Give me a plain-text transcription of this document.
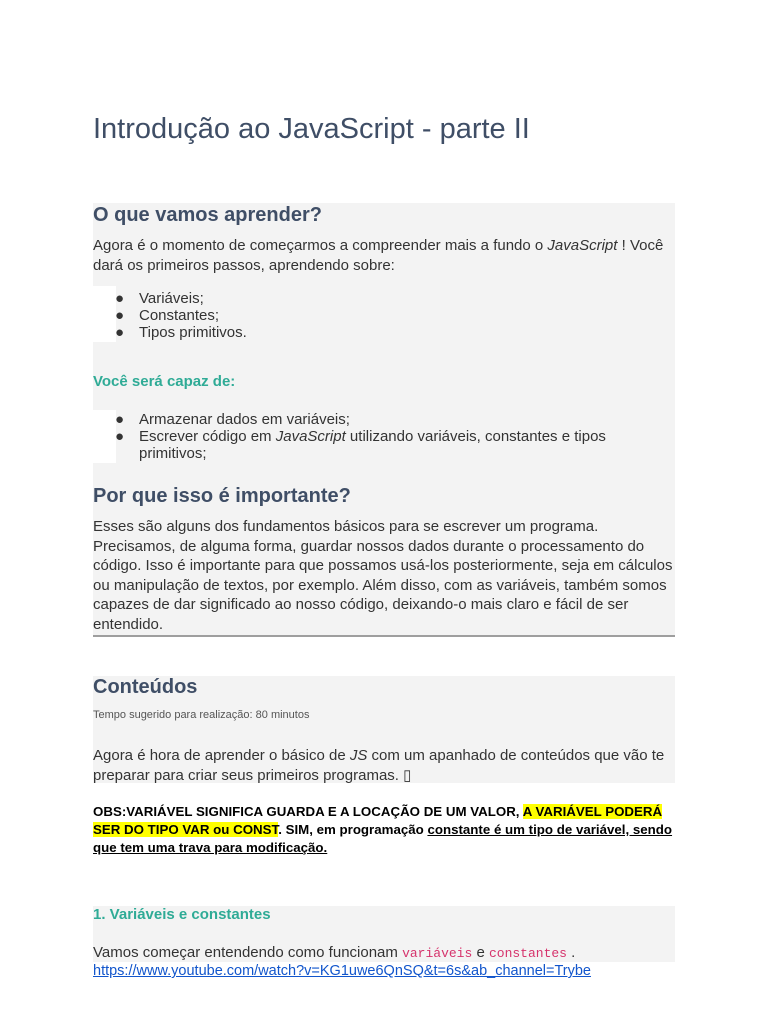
Introdução ao JavaScript - parte II
O que vamos aprender?

Agora é o momento de começarmos a compreender mais a fundo o JavaScript ! Você dará os primeiros passos, aprendendo sobre:

● Variáveis;
● Constantes;
● Tipos primitivos.
Você será capaz de:
● Armazenar dados em variáveis;
● Escrever código em JavaScript utilizando variáveis, constantes e tipos primitivos;
Por que isso é importante?

Esses são alguns dos fundamentos básicos para se escrever um programa. Precisamos, de alguma forma, guardar nossos dados durante o processamento do código. Isso é importante para que possamos usá-los posteriormente, seja em cálculos ou manipulação de textos, por exemplo. Além disso, com as variáveis, também somos capazes de dar significado ao nosso código, deixando-o mais claro e fácil de ser entendido.

Conteúdos

Tempo sugerido para realização: 80 minutos

Agora é hora de aprender o básico de JS com um apanhado de conteúdos que vão te preparar para criar seus primeiros programas. ▯

OBS:VARIÁVEL SIGNIFICA GUARDA E A LOCAÇÃO DE UM VALOR, A VARIÁVEL PODERÁ SER DO TIPO VAR ou CONST. SIM, em programação constante é um tipo de variável, sendo que tem uma trava para modificação.

1. Variáveis e constantes

Vamos começar entendendo como funcionam variáveis e constantes .

https://www.youtube.com/watch?v=KG1uwe6QnSQ&t=6s&ab_channel=Trybe
